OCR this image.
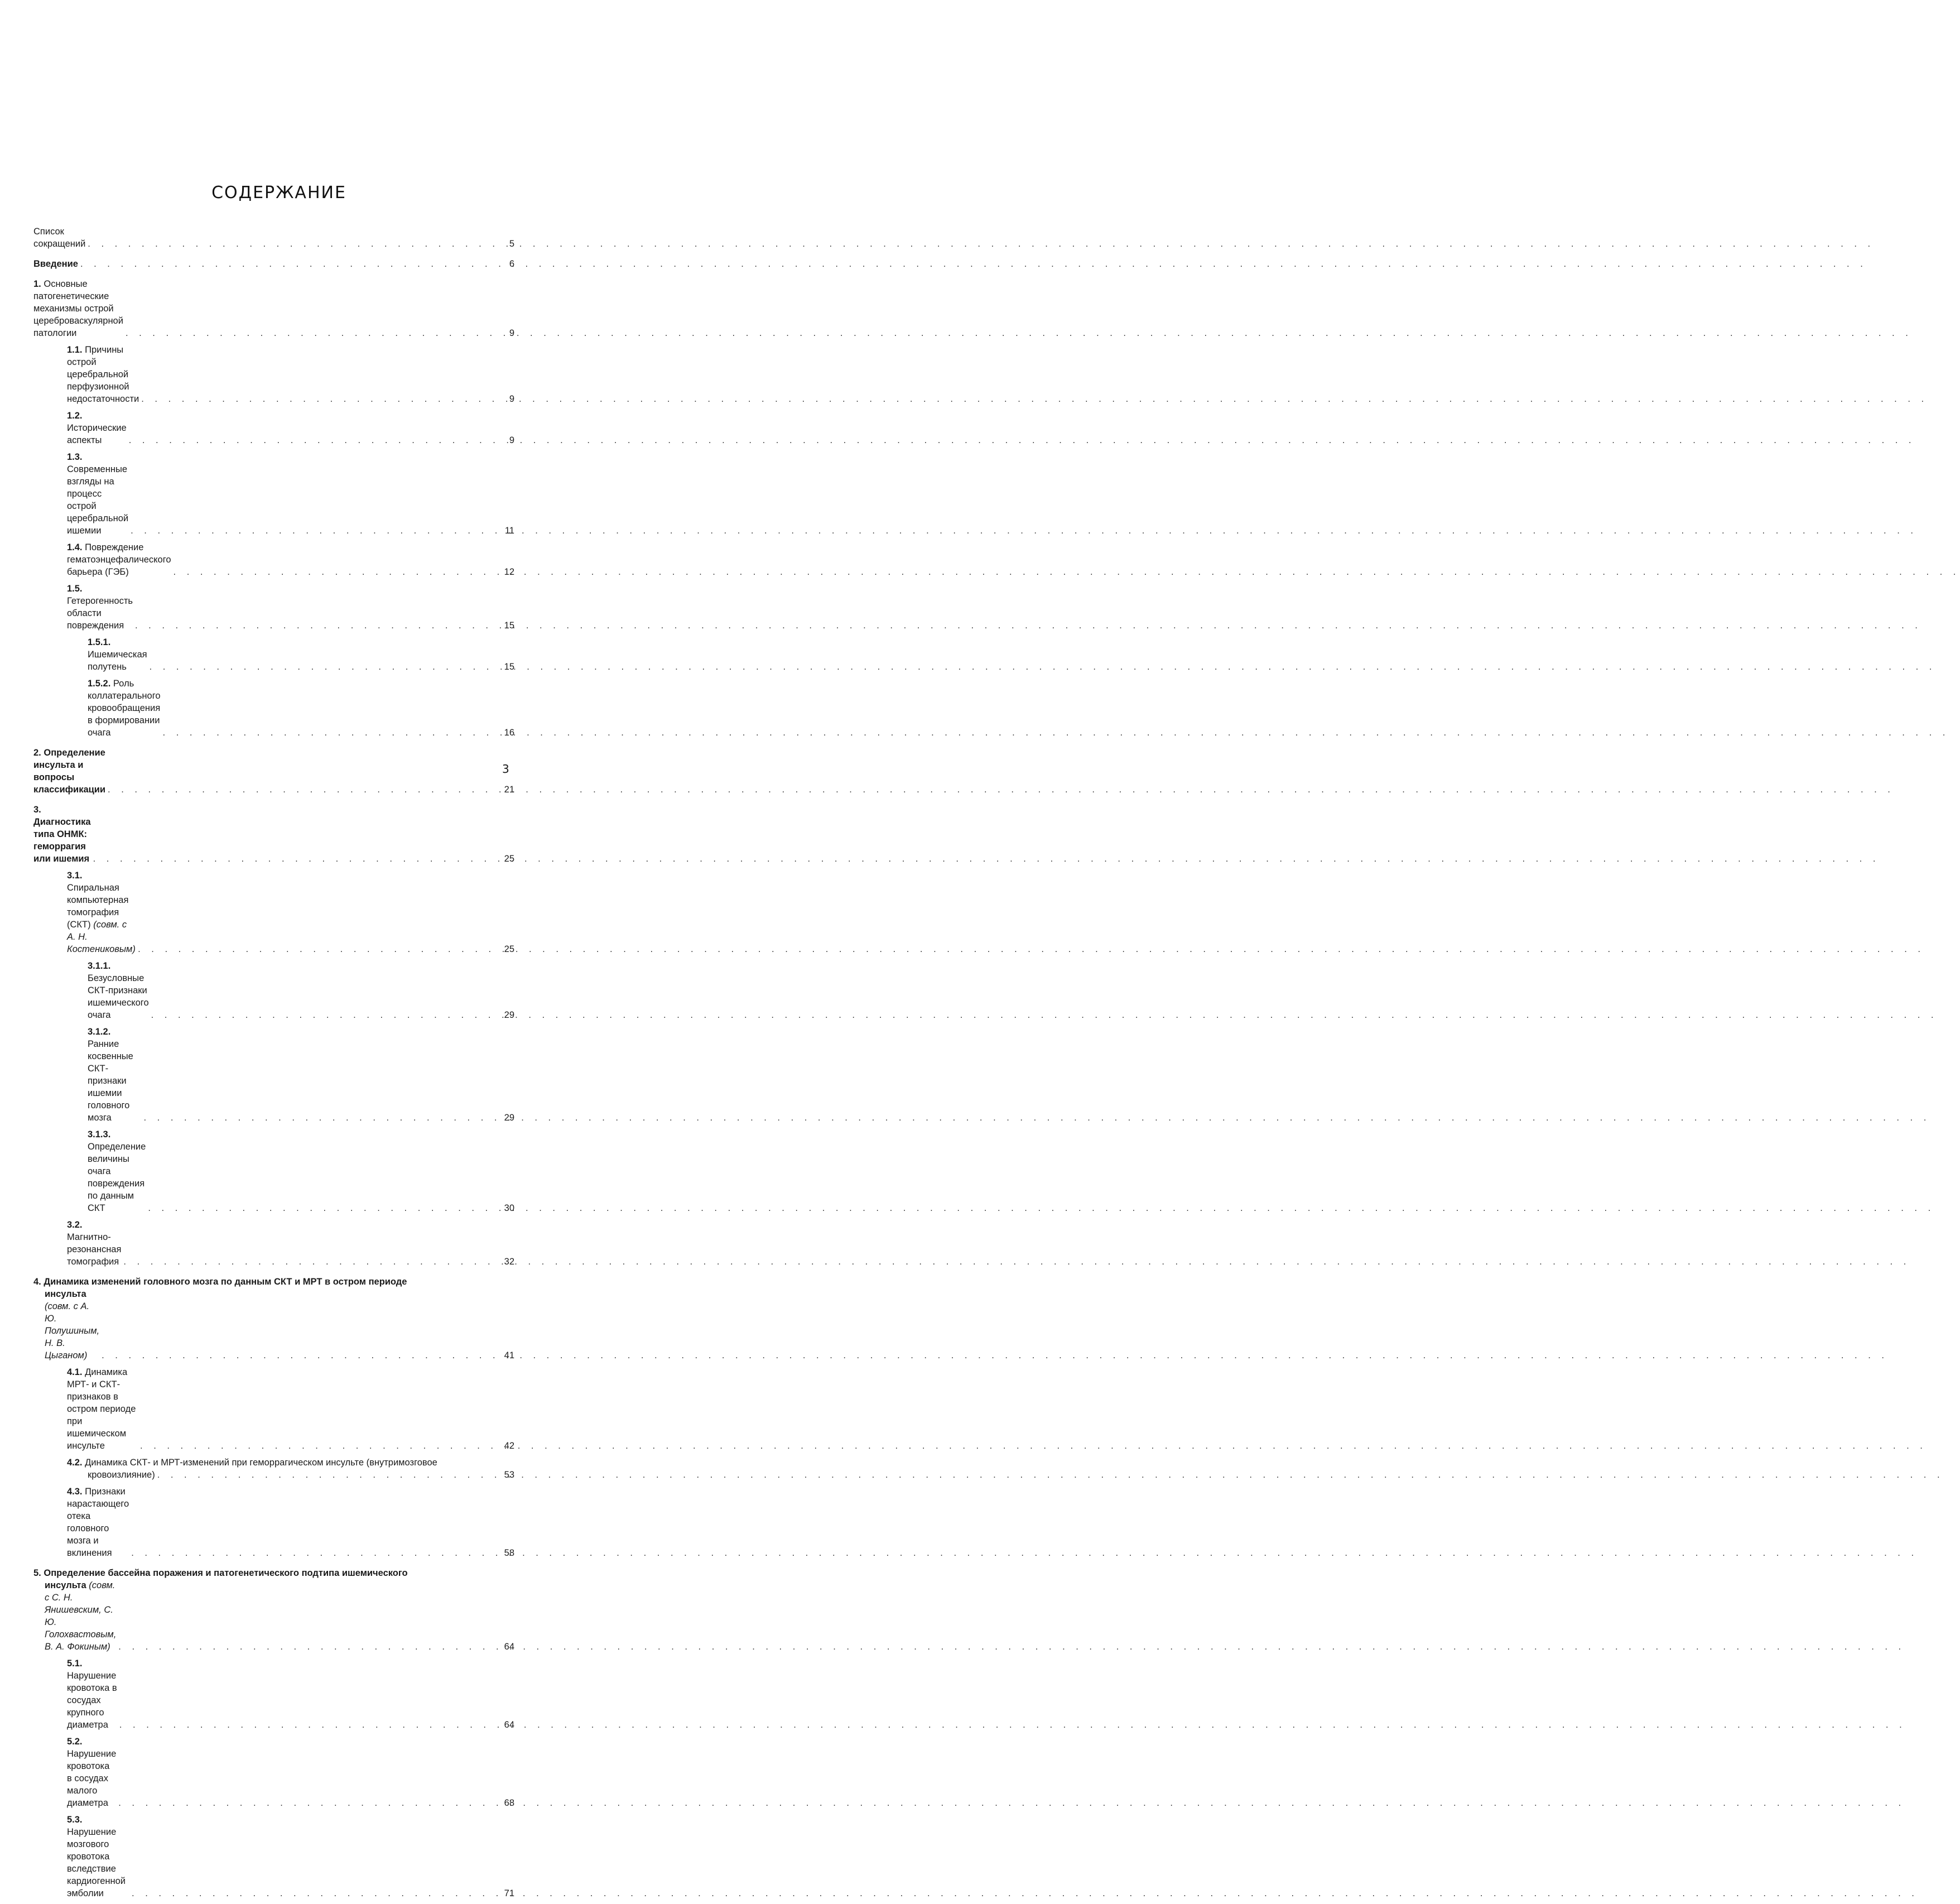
СОДЕРЖАНИЕ
Список сокращений . . .	5
Введение . . .	6
1. Основные патогенетические механизмы острой цереброваскулярной патологии . . .	9
1.1. Причины острой церебральной перфузионной недостаточности . . .	9
1.2. Исторические аспекты . . .	9
1.3. Современные взгляды на процесс острой церебральной ишемии . . .	11
1.4. Повреждение гематоэнцефалического барьера (ГЭБ) . . .	12
1.5. Гетерогенность области повреждения . . .	15
1.5.1. Ишемическая полутень . . .	15
1.5.2. Роль коллатерального кровообращения в формировании очага . . .	16
2. Определение инсульта и вопросы классификации . . .	21
3. Диагностика типа ОНМК: геморрагия или ишемия . . .	25
3.1. Спиральная компьютерная томография (СКТ) (совм. с А. Н. Костениковым) . . .	25
3.1.1. Безусловные СКТ-признаки ишемического очага . . .	29
3.1.2. Ранние косвенные СКТ-признаки ишемии головного мозга . . .	29
3.1.3. Определение величины очага повреждения по данным СКТ . . .	30
3.2. Магнитно-резонансная томография . . .	32
4. Динамика изменений головного мозга по данным СКТ и МРТ в остром периоде
инсульта (совм. с А. Ю. Полушиным, Н. В. Цыганом) . . .	41
4.1. Динамика МРТ- и СКТ-признаков в остром периоде при ишемическом инсульте . . .	42
4.2. Динамика СКТ- и МРТ-изменений при геморрагическом инсульте (внутримозговое
кровоизлияние) . . .	53
4.3. Признаки нарастающего отека головного мозга и вклинения . . .	58
5. Определение бассейна поражения и патогенетического подтипа ишемического
инсульта (совм. с С. Н. Янишевским, С. Ю. Голохвастовым, В. А. Фокиным) . . .	64
5.1. Нарушение кровотока в сосудах крупного диаметра . . .	64
5.2. Нарушение кровотока в сосудах малого диаметра . . .	68
5.3. Нарушение мозгового кровотока вследствие кардиогенной эмболии . . .	71
3
